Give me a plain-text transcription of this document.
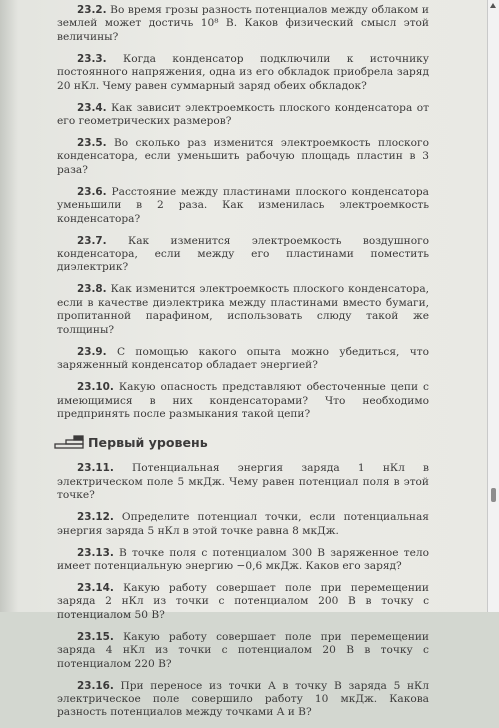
23.2. Во время грозы разность потенциалов между облаком и землей может достичь 10⁸ В. Каков физический смысл этой величины?

23.3. Когда конденсатор подключили к источнику постоянного напряжения, одна из его обкладок приобрела заряд 20 нКл. Чему равен суммарный заряд обеих обкладок?

23.4. Как зависит электроемкость плоского конденсатора от его геометрических размеров?

23.5. Во сколько раз изменится электроемкость плоского конденсатора, если уменьшить рабочую площадь пластин в 3 раза?

23.6. Расстояние между пластинами плоского конденсатора уменьшили в 2 раза. Как изменилась электроемкость конденсатора?

23.7. Как изменится электроемкость воздушного конденсатора, если между его пластинами поместить диэлектрик?

23.8. Как изменится электроемкость плоского конденсатора, если в качестве диэлектрика между пластинами вместо бумаги, пропитанной парафином, использовать слюду такой же толщины?

23.9. С помощью какого опыта можно убедиться, что заряженный конденсатор обладает энергией?

23.10. Какую опасность представляют обесточенные цепи с имеющимися в них конденсаторами? Что необходимо предпринять после размыкания такой цепи?

Первый уровень

23.11. Потенциальная энергия заряда 1 нКл в электрическом поле 5 мкДж. Чему равен потенциал поля в этой точке?

23.12. Определите потенциал точки, если потенциальная энергия заряда 5 нКл в этой точке равна 8 мкДж.

23.13. В точке поля с потенциалом 300 В заряженное тело имеет потенциальную энергию −0,6 мкДж. Каков его заряд?

23.14. Какую работу совершает поле при перемещении заряда 2 нКл из точки с потенциалом 200 В в точку с потенциалом 50 В?

23.15. Какую работу совершает поле при перемещении заряда 4 нКл из точки с потенциалом 20 В в точку с потенциалом 220 В?

23.16. При переносе из точки A в точку B заряда 5 нКл электрическое поле совершило работу 10 мкДж. Какова разность потенциалов между точками A и B?
